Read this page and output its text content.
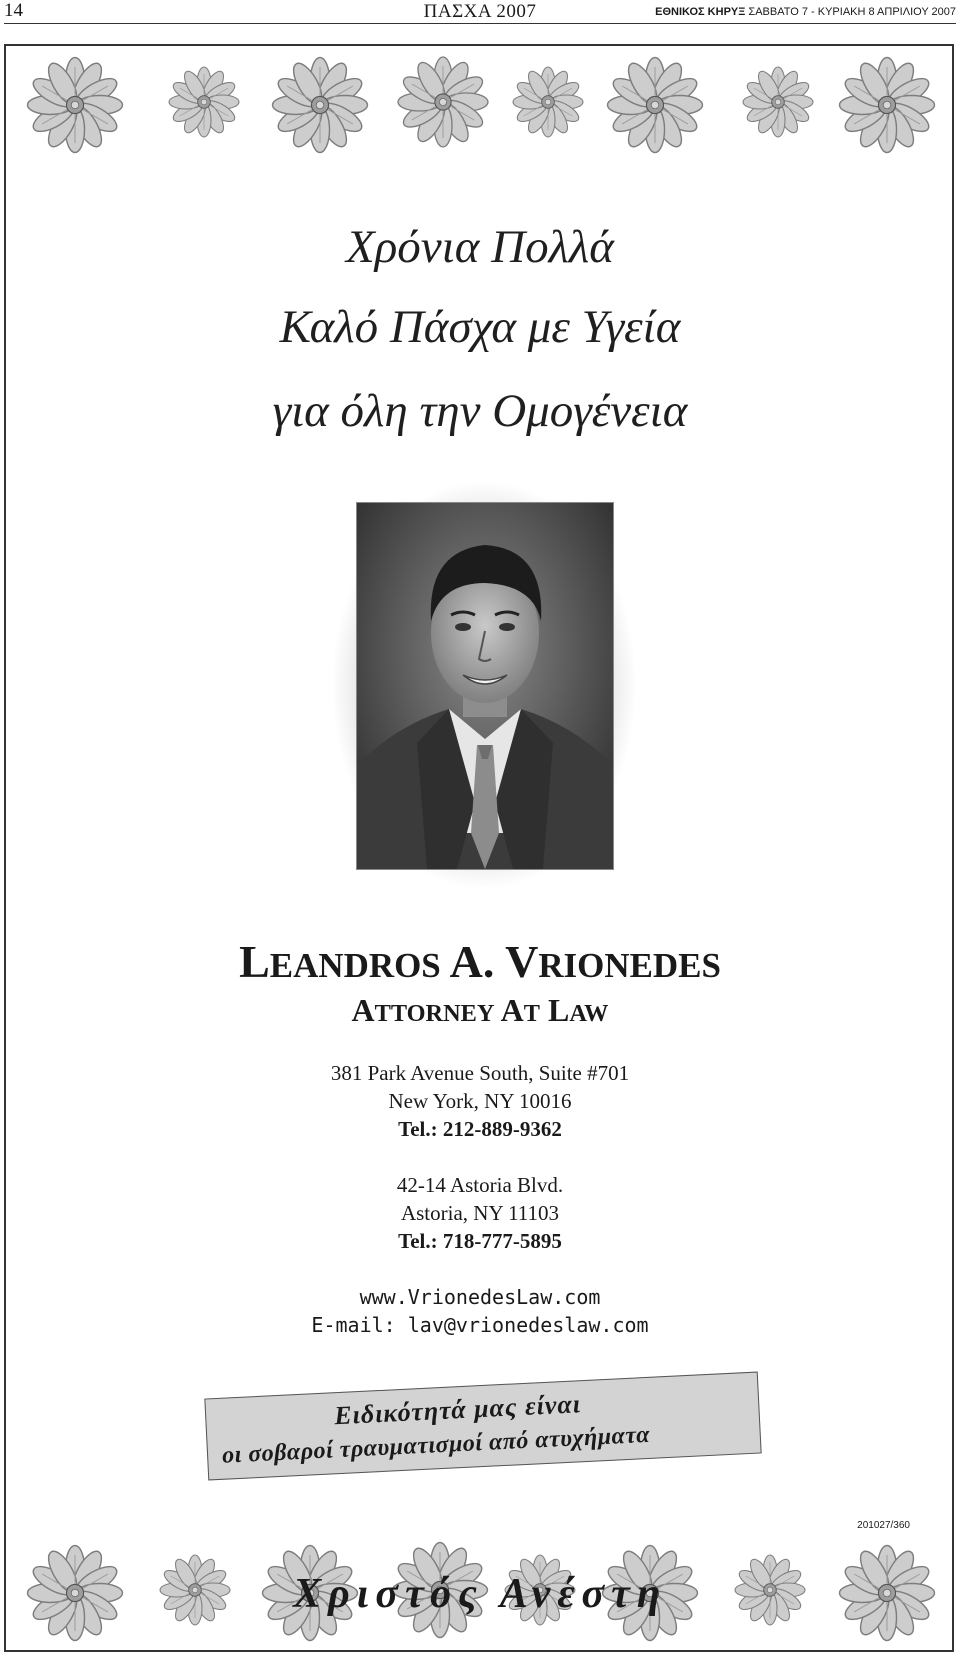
14	ΠΑΣΧΑ 2007	ΕΘΝΙΚΟΣ ΚΗΡΥΞ ΣΑΒΒΑΤΟ 7 - ΚΥΡΙΑΚΗ 8 ΑΠΡΙΛΙΟΥ 2007
Χρόνια Πολλά
Καλό Πάσχα με Υγεία
για όλη την Ομογένεια
LEANDROS A. VRIONEDES
ATTORNEY AT LAW
381 Park Avenue South, Suite #701
New York, NY 10016
Tel.: 212-889-9362
42-14 Astoria Blvd.
Astoria, NY 11103
Tel.: 718-777-5895
www.VrionedesLaw.com
E-mail: lav@vrionedeslaw.com
Ειδικότητά μας είναι
οι σοβαροί τραυματισμοί από ατυχήματα
201027/360
Χριστός Ανέστη
